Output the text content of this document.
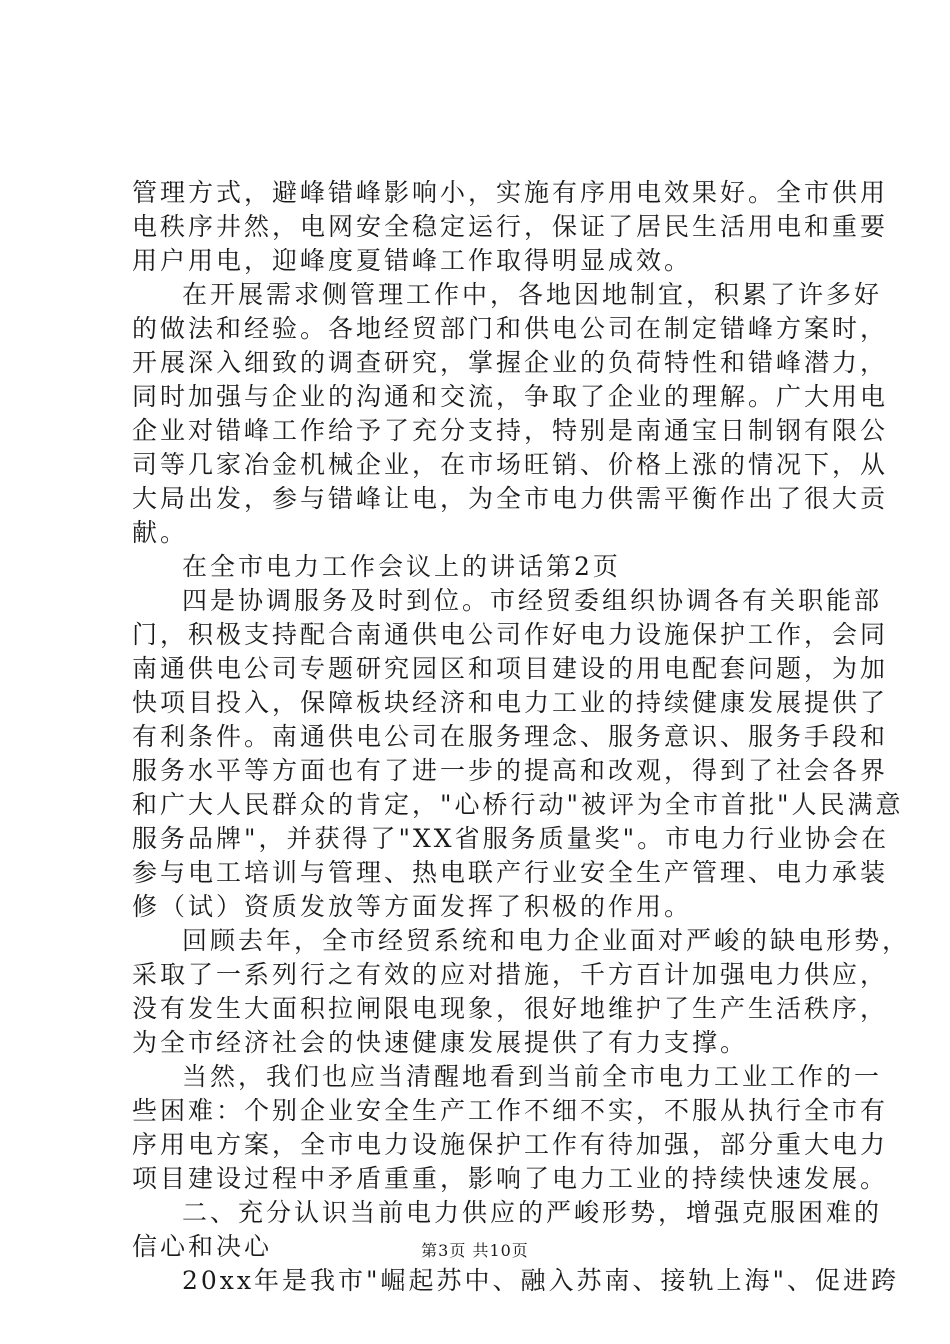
管理方式，避峰错峰影响小，实施有序用电效果好。全市供用
电秩序井然，电网安全稳定运行，保证了居民生活用电和重要
用户用电，迎峰度夏错峰工作取得明显成效。
在开展需求侧管理工作中，各地因地制宜，积累了许多好
的做法和经验。各地经贸部门和供电公司在制定错峰方案时，
开展深入细致的调查研究，掌握企业的负荷特性和错峰潜力，
同时加强与企业的沟通和交流，争取了企业的理解。广大用电
企业对错峰工作给予了充分支持，特别是南通宝日制钢有限公
司等几家冶金机械企业，在市场旺销、价格上涨的情况下，从
大局出发，参与错峰让电，为全市电力供需平衡作出了很大贡
献。
在全市电力工作会议上的讲话第2页
四是协调服务及时到位。市经贸委组织协调各有关职能部
门，积极支持配合南通供电公司作好电力设施保护工作，会同
南通供电公司专题研究园区和项目建设的用电配套问题，为加
快项目投入，保障板块经济和电力工业的持续健康发展提供了
有利条件。南通供电公司在服务理念、服务意识、服务手段和
服务水平等方面也有了进一步的提高和改观，得到了社会各界
和广大人民群众的肯定，"心桥行动"被评为全市首批"人民满意
服务品牌"，并获得了"XX省服务质量奖"。市电力行业协会在
参与电工培训与管理、热电联产行业安全生产管理、电力承装
修（试）资质发放等方面发挥了积极的作用。
回顾去年，全市经贸系统和电力企业面对严峻的缺电形势，
采取了一系列行之有效的应对措施，千方百计加强电力供应，
没有发生大面积拉闸限电现象，很好地维护了生产生活秩序，
为全市经济社会的快速健康发展提供了有力支撑。
当然，我们也应当清醒地看到当前全市电力工业工作的一
些困难：个别企业安全生产工作不细不实，不服从执行全市有
序用电方案，全市电力设施保护工作有待加强，部分重大电力
项目建设过程中矛盾重重，影响了电力工业的持续快速发展。
二、充分认识当前电力供应的严峻形势，增强克服困难的
信心和决心
20xx年是我市"崛起苏中、融入苏南、接轨上海"、促进跨
第3页 共10页
